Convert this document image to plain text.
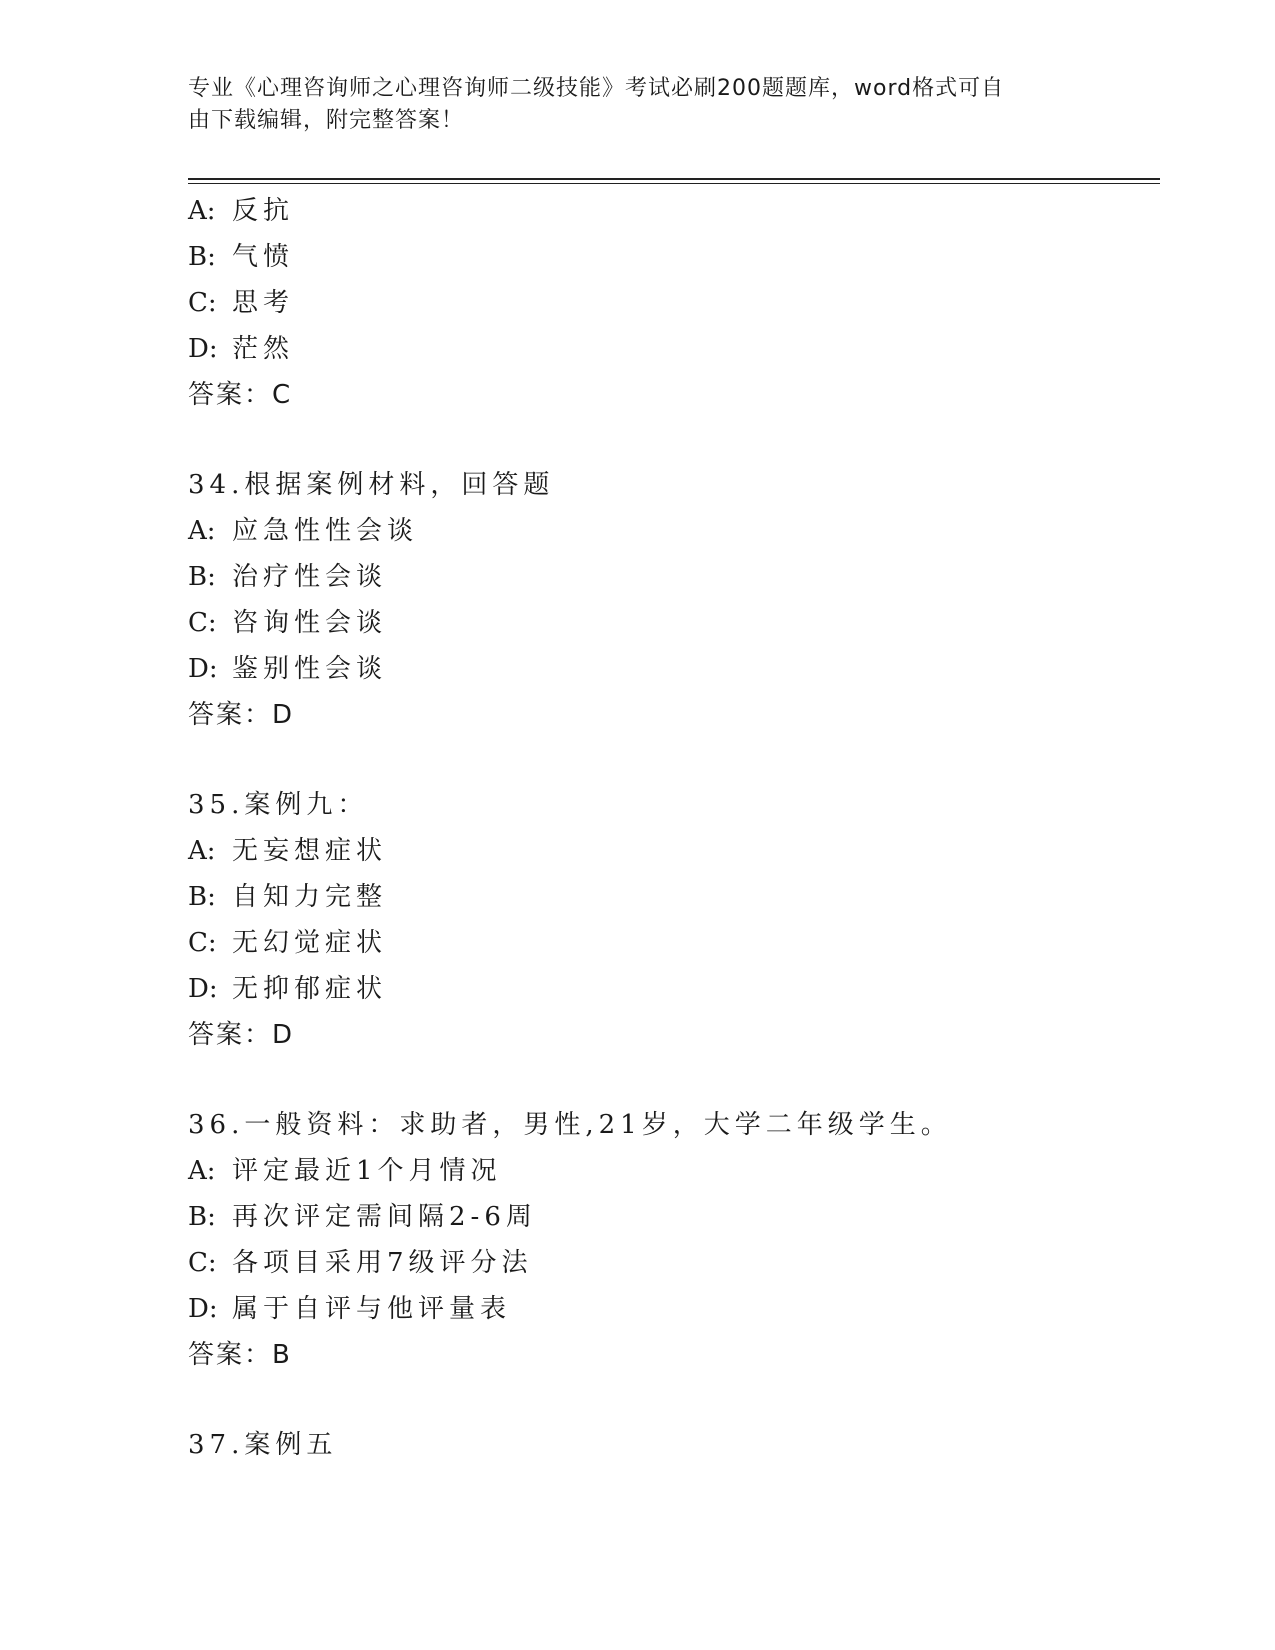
专业《心理咨询师之心理咨询师二级技能》考试必刷200题题库，word格式可自
由下载编辑，附完整答案！
A: 反抗
B: 气愤
C: 思考
D: 茫然
答案：C
34.根据案例材料，回答题
A: 应急性性会谈
B: 治疗性会谈
C: 咨询性会谈
D: 鉴别性会谈
答案：D
35.案例九：
A: 无妄想症状
B: 自知力完整
C: 无幻觉症状
D: 无抑郁症状
答案：D
36.一般资料：求助者，男性,21岁，大学二年级学生。
A: 评定最近1个月情况
B: 再次评定需间隔2-6周
C: 各项目采用7级评分法
D: 属于自评与他评量表
答案：B
37.案例五
